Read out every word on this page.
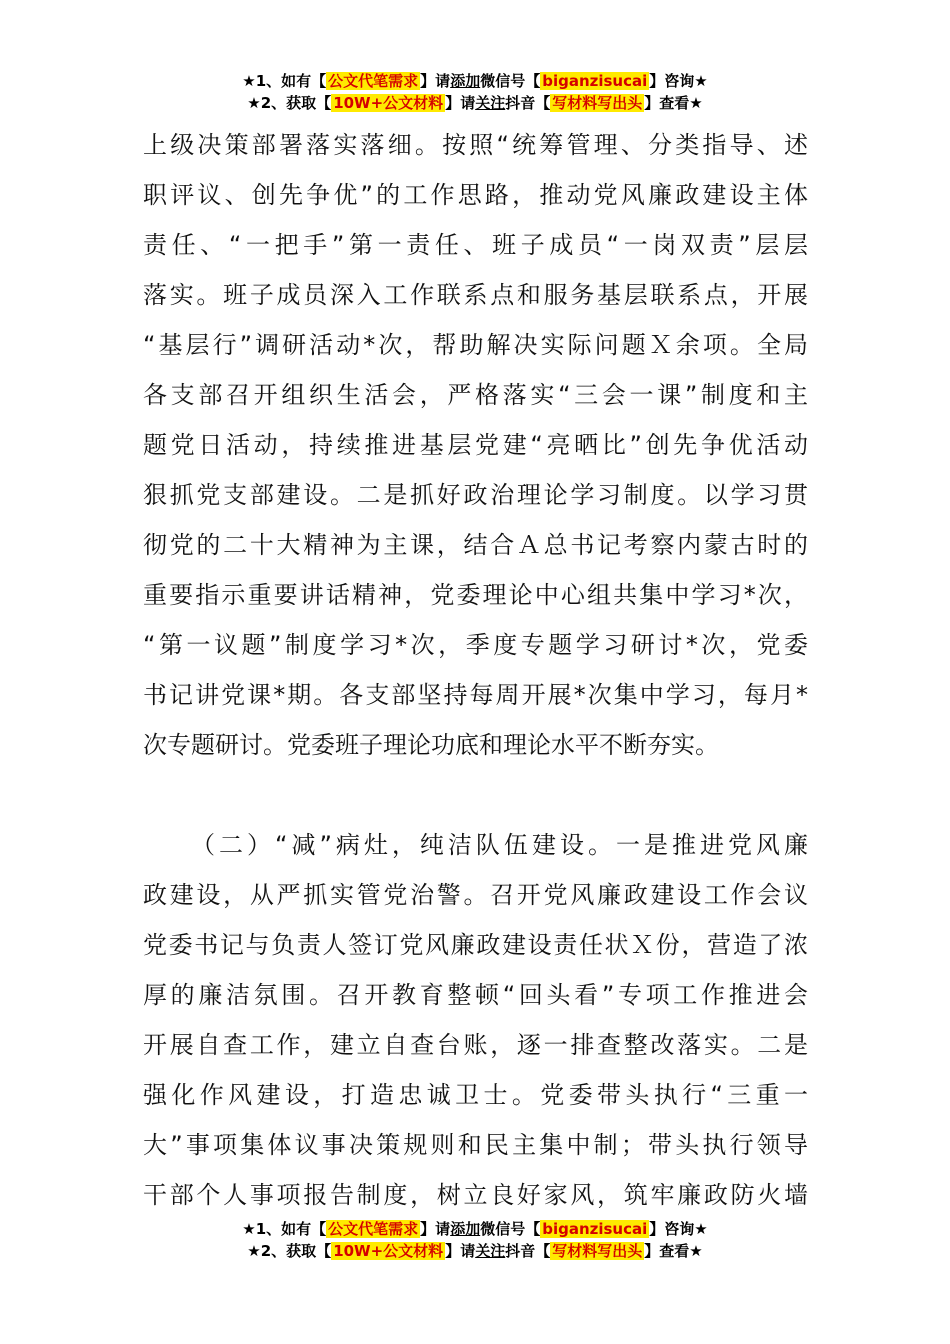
★1、如有【 公文代笔需求 】请添加微信号【 biganzisucai 】咨询★
★2、获取【 10W+公文材料 】请关注抖音【 写材料写出头 】查看★
上级决策部署落实落细。按照“统筹管理、分类指导、述
职评议、创先争优”的工作思路，推动党风廉政建设主体
责任、“一把手”第一责任、班子成员“一岗双责”层层
落实。班子成员深入工作联系点和服务基层联系点，开展
“基层行”调研活动*次，帮助解决实际问题Ｘ余项。全局
各支部召开组织生活会，严格落实“三会一课”制度和主
题党日活动，持续推进基层党建“亮晒比”创先争优活动
狠抓党支部建设。二是抓好政治理论学习制度。以学习贯
彻党的二十大精神为主课，结合Ａ总书记考察内蒙古时的
重要指示重要讲话精神，党委理论中心组共集中学习*次，
“第一议题”制度学习*次，季度专题学习研讨*次，党委
书记讲党课*期。各支部坚持每周开展*次集中学习，每月*
次专题研讨。党委班子理论功底和理论水平不断夯实。
（二）“减”病灶，纯洁队伍建设。一是推进党风廉
政建设，从严抓实管党治警。召开党风廉政建设工作会议
党委书记与负责人签订党风廉政建设责任状Ｘ份，营造了浓
厚的廉洁氛围。召开教育整顿“回头看”专项工作推进会
开展自查工作，建立自查台账，逐一排查整改落实。二是
强化作风建设，打造忠诚卫士。党委带头执行“三重一
大”事项集体议事决策规则和民主集中制；带头执行领导
干部个人事项报告制度，树立良好家风，筑牢廉政防火墙
★1、如有【 公文代笔需求 】请添加微信号【 biganzisucai 】咨询★
★2、获取【 10W+公文材料 】请关注抖音【 写材料写出头 】查看★
